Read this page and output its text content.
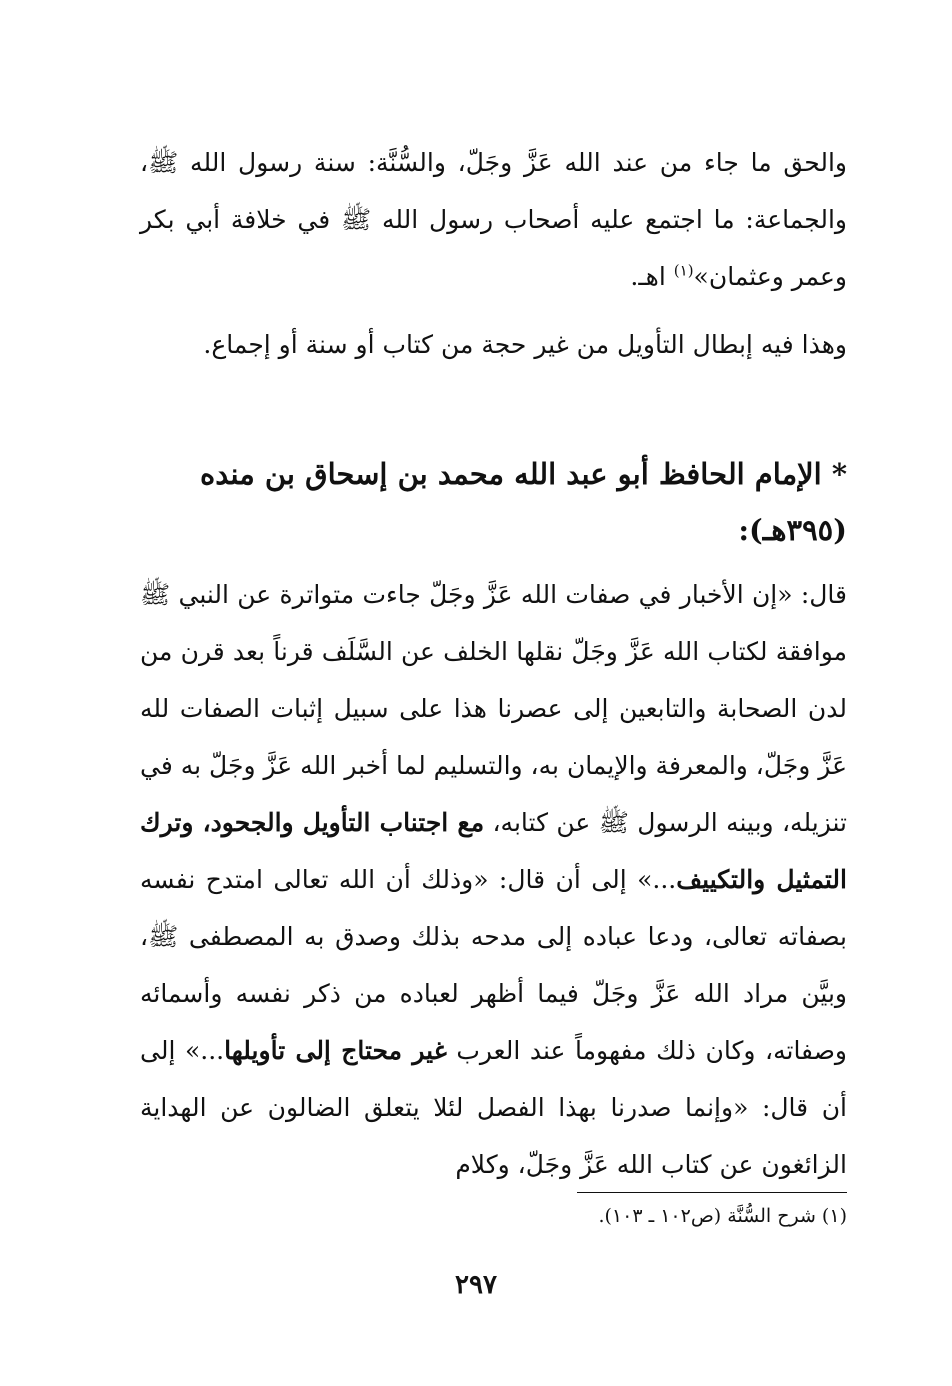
والحق ما جاء من عند الله عَزَّ وجَلّ، والسُّنَّة: سنة رسول الله ﷺ، والجماعة: ما اجتمع عليه أصحاب رسول الله ﷺ في خلافة أبي بكر وعمر وعثمان»$^{(١)}$ اهـ.

وهذا فيه إبطال التأويل من غير حجة من كتاب أو سنة أو إجماع.

* الإمام الحافظ أبو عبد الله محمد بن إسحاق بن منده (٣٩٥هـ):

قال: «إن الأخبار في صفات الله عَزَّ وجَلّ جاءت متواترة عن النبي ﷺ موافقة لكتاب الله عَزَّ وجَلّ نقلها الخلف عن السَّلَف قرناً بعد قرن من لدن الصحابة والتابعين إلى عصرنا هذا على سبيل إثبات الصفات لله عَزَّ وجَلّ، والمعرفة والإيمان به، والتسليم لما أخبر الله عَزَّ وجَلّ به في تنزيله، وبينه الرسول ﷺ عن كتابه، مع اجتناب التأويل والجحود، وترك التمثيل والتكييف...» إلى أن قال: «وذلك أن الله تعالى امتدح نفسه بصفاته تعالى، ودعا عباده إلى مدحه بذلك وصدق به المصطفى ﷺ، وبيَّن مراد الله عَزَّ وجَلّ فيما أظهر لعباده من ذكر نفسه وأسمائه وصفاته، وكان ذلك مفهوماً عند العرب غير محتاج إلى تأويلها...» إلى أن قال: «وإنما صدرنا بهذا الفصل لئلا يتعلق الضالون عن الهداية الزائغون عن كتاب الله عَزَّ وجَلّ، وكلام

(١) شرح السُّنَّة (ص١٠٢ ـ ١٠٣).

٢٩٧
